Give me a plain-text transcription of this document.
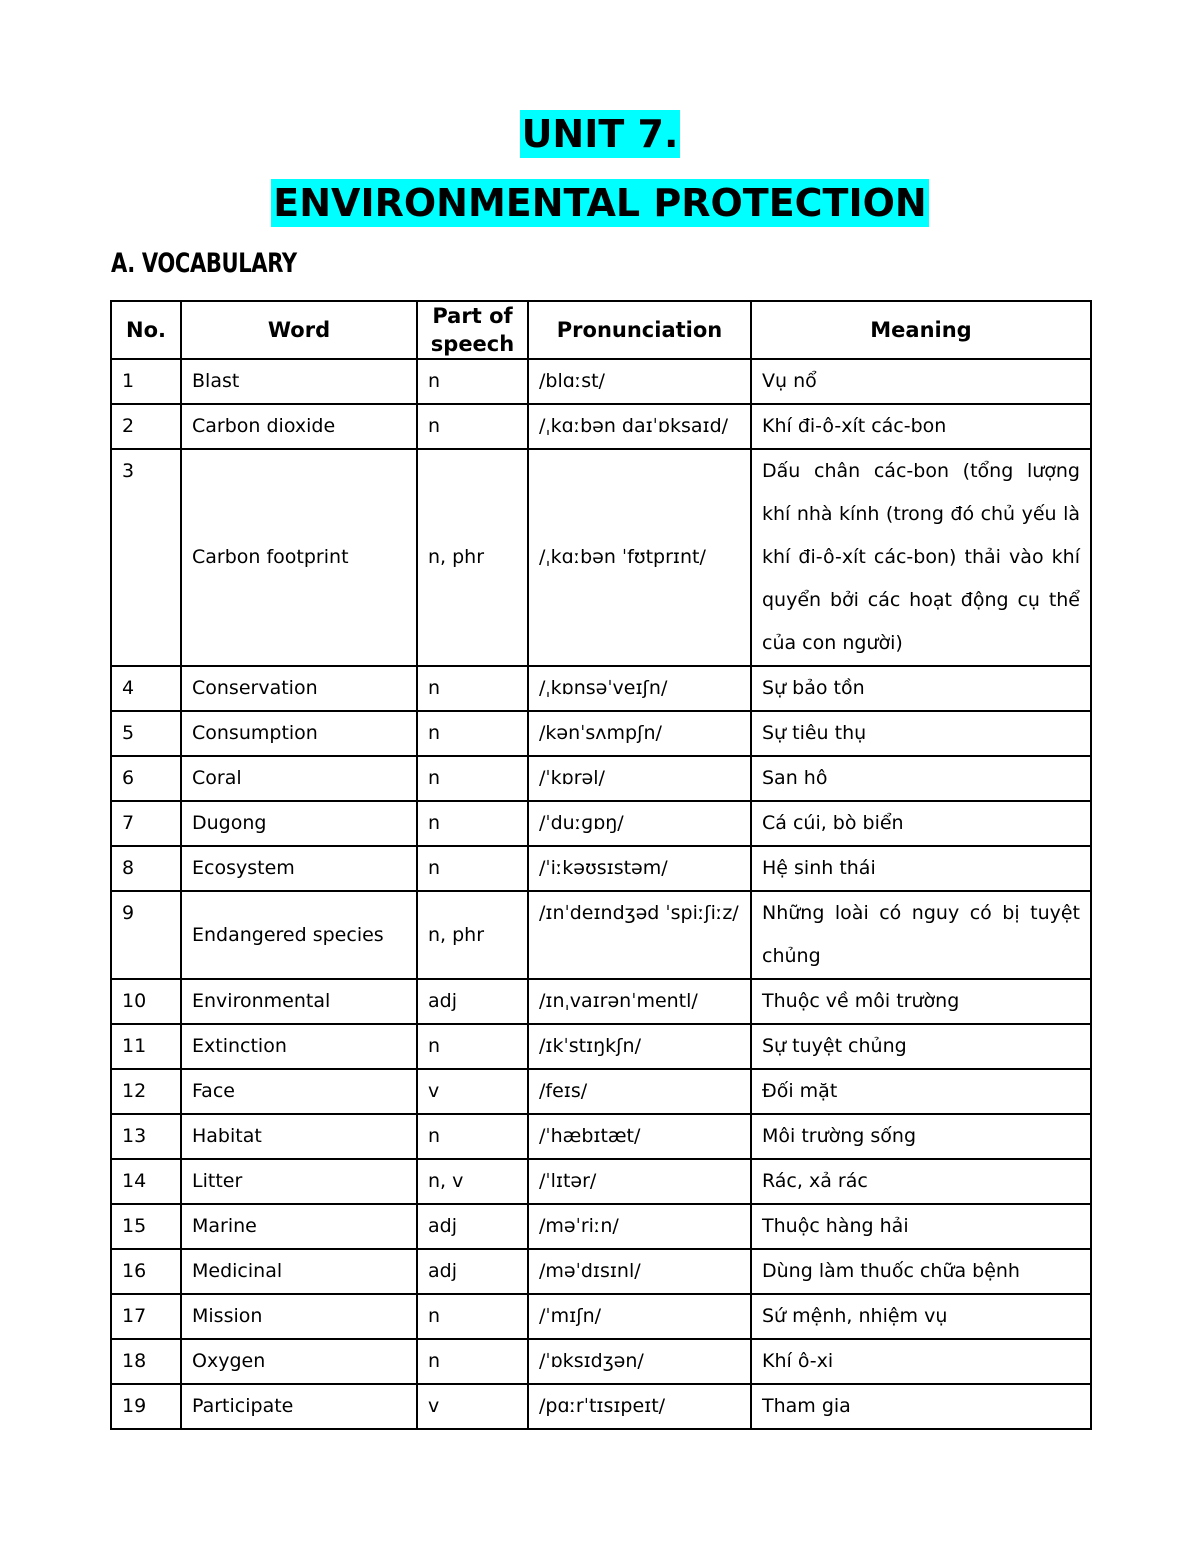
UNIT 7.
ENVIRONMENTAL PROTECTION
A. VOCABULARY
No.	Word	Part of speech	Pronunciation	Meaning
1	Blast	n	/blɑːst/	Vụ nổ
2	Carbon dioxide	n	/ˌkɑːbən daɪˈɒksaɪd/	Khí đi-ô-xít các-bon
3	Carbon footprint	n, phr	/ˌkɑːbən ˈfʊtprɪnt/	Dấu chân các-bon (tổng lượng khí nhà kính (trong đó chủ yếu là khí đi-ô-xít các-bon) thải vào khí quyển bởi các hoạt động cụ thể của con người)
4	Conservation	n	/ˌkɒnsəˈveɪʃn/	Sự bảo tồn
5	Consumption	n	/kənˈsʌmpʃn/	Sự tiêu thụ
6	Coral	n	/ˈkɒrəl/	San hô
7	Dugong	n	/ˈduːɡɒŋ/	Cá cúi, bò biển
8	Ecosystem	n	/ˈiːkəʊsɪstəm/	Hệ sinh thái
9	Endangered species	n, phr	/ɪnˈdeɪndʒəd ˈspiːʃiːz/	Những loài có nguy có bị tuyệt chủng
10	Environmental	adj	/ɪnˌvaɪrənˈmentl/	Thuộc về môi trường
11	Extinction	n	/ɪkˈstɪŋkʃn/	Sự tuyệt chủng
12	Face	v	/feɪs/	Đối mặt
13	Habitat	n	/ˈhæbɪtæt/	Môi trường sống
14	Litter	n, v	/ˈlɪtər/	Rác, xả rác
15	Marine	adj	/məˈriːn/	Thuộc hàng hải
16	Medicinal	adj	/məˈdɪsɪnl/	Dùng làm thuốc chữa bệnh
17	Mission	n	/ˈmɪʃn/	Sứ mệnh, nhiệm vụ
18	Oxygen	n	/ˈɒksɪdʒən/	Khí ô-xi
19	Participate	v	/pɑːrˈtɪsɪpeɪt/	Tham gia
